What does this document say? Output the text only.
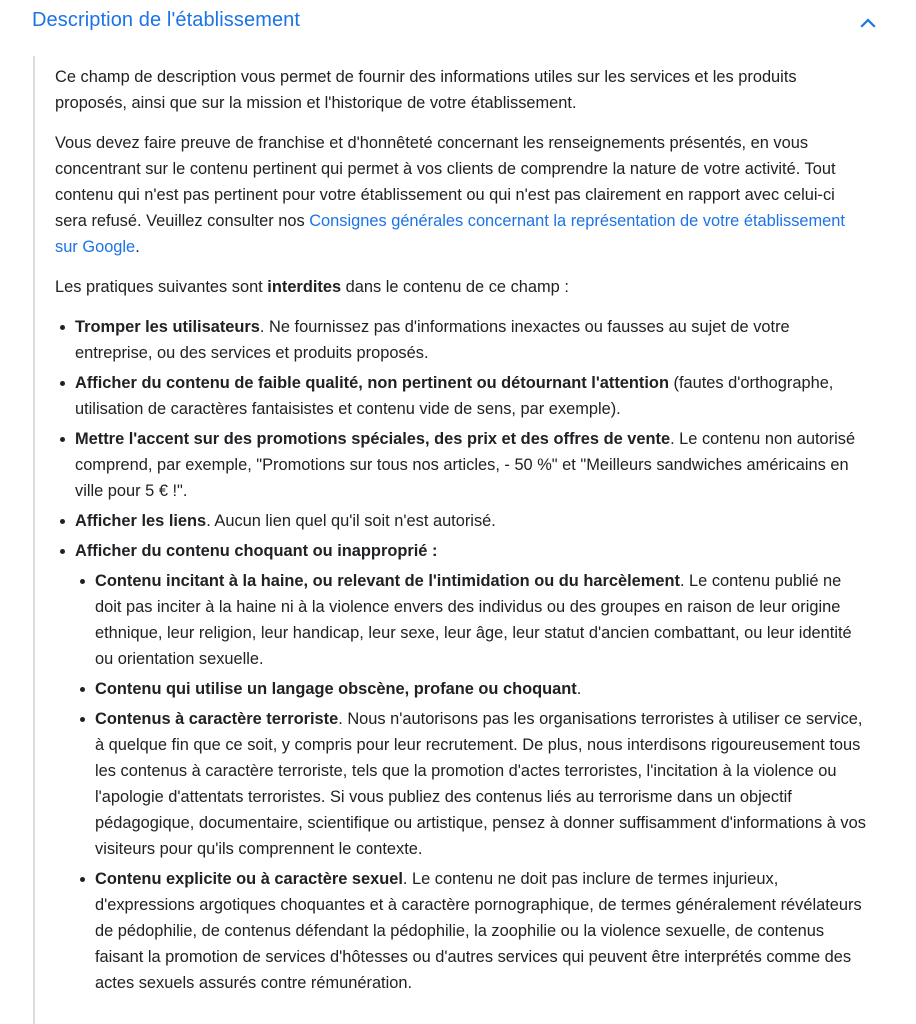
Description de l'établissement

Ce champ de description vous permet de fournir des informations utiles sur les services et les produits proposés, ainsi que sur la mission et l'historique de votre établissement.

Vous devez faire preuve de franchise et d'honnêteté concernant les renseignements présentés, en vous concentrant sur le contenu pertinent qui permet à vos clients de comprendre la nature de votre activité. Tout contenu qui n'est pas pertinent pour votre établissement ou qui n'est pas clairement en rapport avec celui-ci sera refusé. Veuillez consulter nos Consignes générales concernant la représentation de votre établissement sur Google.

Les pratiques suivantes sont interdites dans le contenu de ce champ :

Tromper les utilisateurs. Ne fournissez pas d'informations inexactes ou fausses au sujet de votre entreprise, ou des services et produits proposés.
Afficher du contenu de faible qualité, non pertinent ou détournant l'attention (fautes d'orthographe, utilisation de caractères fantaisistes et contenu vide de sens, par exemple).
Mettre l'accent sur des promotions spéciales, des prix et des offres de vente. Le contenu non autorisé comprend, par exemple, "Promotions sur tous nos articles, - 50 %" et "Meilleurs sandwiches américains en ville pour 5 € !".
Afficher les liens. Aucun lien quel qu'il soit n'est autorisé.
Afficher du contenu choquant ou inapproprié :
Contenu incitant à la haine, ou relevant de l'intimidation ou du harcèlement. Le contenu publié ne doit pas inciter à la haine ni à la violence envers des individus ou des groupes en raison de leur origine ethnique, leur religion, leur handicap, leur sexe, leur âge, leur statut d'ancien combattant, ou leur identité ou orientation sexuelle.
Contenu qui utilise un langage obscène, profane ou choquant.
Contenus à caractère terroriste. Nous n'autorisons pas les organisations terroristes à utiliser ce service, à quelque fin que ce soit, y compris pour leur recrutement. De plus, nous interdisons rigoureusement tous les contenus à caractère terroriste, tels que la promotion d'actes terroristes, l'incitation à la violence ou l'apologie d'attentats terroristes. Si vous publiez des contenus liés au terrorisme dans un objectif pédagogique, documentaire, scientifique ou artistique, pensez à donner suffisamment d'informations à vos visiteurs pour qu'ils comprennent le contexte.
Contenu explicite ou à caractère sexuel. Le contenu ne doit pas inclure de termes injurieux, d'expressions argotiques choquantes et à caractère pornographique, de termes généralement révélateurs de pédophilie, de contenus défendant la pédophilie, la zoophilie ou la violence sexuelle, de contenus faisant la promotion de services d'hôtesses ou d'autres services qui peuvent être interprétés comme des actes sexuels assurés contre rémunération.
